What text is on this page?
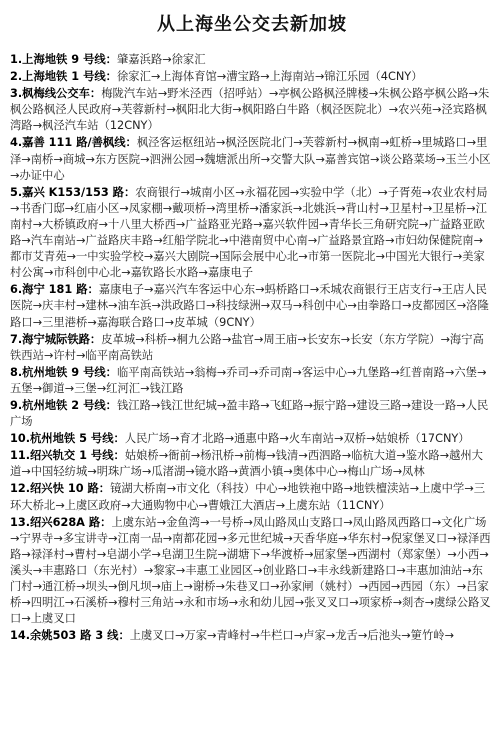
从上海坐公交去新加坡

1.上海地铁 9 号线：肇嘉浜路→徐家汇

2.上海地铁 1 号线：徐家汇→上海体育馆→漕宝路→上海南站→锦江乐园（4CNY）

3.枫梅线公交车：梅陇汽车站→野米泾西（招呼站）→亭枫公路枫泾牌楼→朱枫公路亭枫公路→朱枫公路枫泾人民政府→芙蓉新村→枫阳北大街→枫阳路白牛路（枫泾医院北）→农兴苑→泾宾路枫湾路→枫泾汽车站（12CNY）

4.嘉善 111 路/善枫线：枫泾客运枢纽站→枫泾医院北门→芙蓉新村→枫南→虹桥→里城路口→里泽→南桥→商城→东方医院→泗洲公园→魏塘派出所→交警大队→嘉善宾馆→谈公路菜场→玉兰小区→办证中心

5.嘉兴 K153/153 路：农商银行→城南小区→永福花园→实验中学（北）→子胥苑→农业农村局→书香门邸→红庙小区→凤家棚→戴项桥→湾里桥→潘家浜→北姚浜→背山村→卫星村→卫星桥→江南村→大桥镇政府→十八里大桥西→广益路亚光路→嘉兴软件园→青华长三角研究院→广益路亚欧路→汽车南站→广益路庆丰路→红船学院北→中港南贸中心南→广益路景宜路→市妇幼保健院南→都市艾青苑→一中实验学校→嘉兴大剧院→国际会展中心北→市第一医院北→中国光大银行→美家村公寓→市科创中心北→嘉钦路长水路→嘉康电子

6.海宁 181 路：嘉康电子→嘉兴汽车客运中心东→蚂桥路口→禾城农商银行王店支行→王店人民医院→庆丰村→建林→油车浜→洪政路口→科技绿洲→双马→科创中心→由拳路口→皮都园区→洛隆路口→三里港桥→嘉海联合路口→皮革城（9CNY）

7.海宁城际铁路：皮革城→科桥→桐九公路→盐官→周王庙→长安东→长安（东方学院）→海宁高铁西站→许村→临平南高铁站

8.杭州地铁 9 号线：临平南高铁站→翁梅→乔司→乔司南→客运中心→九堡路→红普南路→六堡→五堡→御道→三堡→红河汇→钱江路

9.杭州地铁 2 号线：钱江路→钱江世纪城→盈丰路→飞虹路→振宁路→建设三路→建设一路→人民广场

10.杭州地铁 5 号线：人民广场→育才北路→通惠中路→火车南站→双桥→姑娘桥（17CNY）

11.绍兴轨交 1 号线：姑娘桥→衙前→杨汛桥→前梅→钱清→西泗路→临杭大道→鉴水路→越州大道→中国轻纺城→明珠广场→瓜渚湖→镜水路→黄酒小镇→奥体中心→梅山广场→凤林

12.绍兴快 10 路：镜湖大桥南→市文化（科技）中心→地铁袍中路→地铁檀渎站→上虞中学→三环大桥北→上虞区政府→大通购物中心→曹娥江大酒店→上虞东站（11CNY）

13.绍兴628A 路：上虞东站→金鱼湾→一号桥→凤山路凤山支路口→凤山路凤西路口→文化广场→宁界寺→多宝讲寺→江南一品→南都花园→多元世纪城→天香华庭→华东村→倪家堡叉口→禄泽西路→禄泽村→曹村→皂湖小学→皂湖卫生院→湖塘下→华渡桥→屈家堡→西湖村（郑家堡）→小西→溪头→丰惠路口（东光村）→黎家→丰惠工业园区→创业路口→丰永线新建路口→丰惠加油站→东门村→通江桥→坝头→倒凡坝→庙上→谢桥→朱巷叉口→孙家闸（姚村）→西园→西园（东）→吕家桥→四明江→石溪桥→穆村三角站→永和市场→永和幼儿园→张叉叉口→项家桥→剡杏→虞绿公路叉口→上虞叉口

14.余姚503 路 3 线：上虞叉口→万家→青峰村→牛栏口→卢家→龙舌→后池头→筻竹岭→
